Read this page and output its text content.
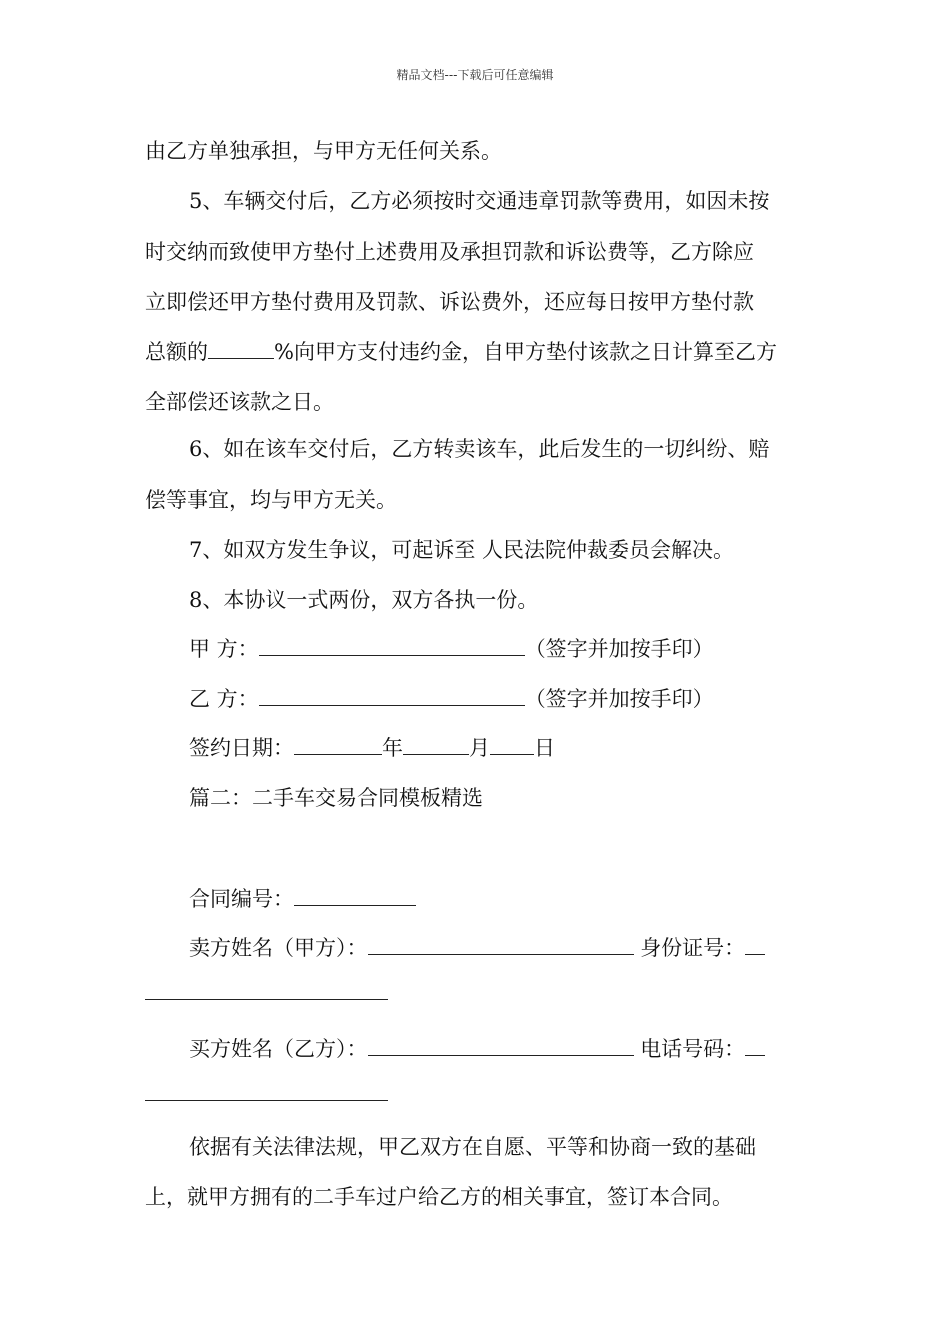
精品文档---下载后可任意编辑
由乙方单独承担，与甲方无任何关系。
5、车辆交付后，乙方必须按时交通违章罚款等费用，如因未按
时交纳而致使甲方垫付上述费用及承担罚款和诉讼费等，乙方除应
立即偿还甲方垫付费用及罚款、诉讼费外，还应每日按甲方垫付款
总额的	%向甲方支付违约金，自甲方垫付该款之日计算至乙方
全部偿还该款之日。
6、如在该车交付后，乙方转卖该车，此后发生的一切纠纷、赔
偿等事宜，均与甲方无关。
7、如双方发生争议，可起诉至 人民法院仲裁委员会解决。
8、本协议一式两份，双方各执一份。
甲 方：	（签字并加按手印）
乙 方：	（签字并加按手印）
签约日期：	年	月 日
篇二：二手车交易合同模板精选
合同编号：
卖方姓名（甲方）：	身份证号：
买方姓名（乙方）：	电话号码：
依据有关法律法规，甲乙双方在自愿、平等和协商一致的基础
上，就甲方拥有的二手车过户给乙方的相关事宜，签订本合同。
